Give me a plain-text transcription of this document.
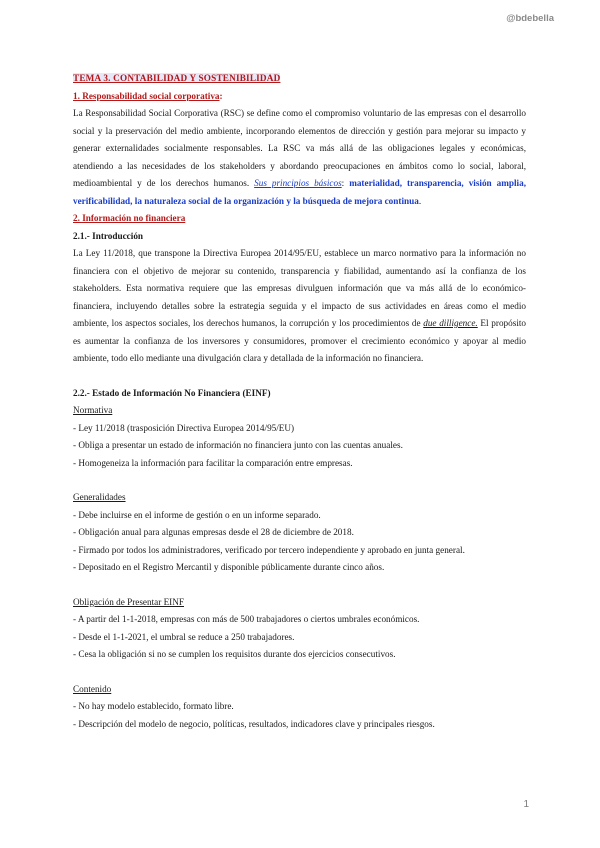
@bdebella
TEMA 3. CONTABILIDAD Y SOSTENIBILIDAD
1. Responsabilidad social corporativa:
La Responsabilidad Social Corporativa (RSC) se define como el compromiso voluntario de las empresas con el desarrollo social y la preservación del medio ambiente, incorporando elementos de dirección y gestión para mejorar su impacto y generar externalidades socialmente responsables. La RSC va más allá de las obligaciones legales y económicas, atendiendo a las necesidades de los stakeholders y abordando preocupaciones en ámbitos como lo social, laboral, medioambiental y de los derechos humanos. Sus principios básicos: materialidad, transparencia, visión amplia, verificabilidad, la naturaleza social de la organización y la búsqueda de mejora continua.
2. Información no financiera
2.1.- Introducción
La Ley 11/2018, que transpone la Directiva Europea 2014/95/EU, establece un marco normativo para la información no financiera con el objetivo de mejorar su contenido, transparencia y fiabilidad, aumentando así la confianza de los stakeholders. Esta normativa requiere que las empresas divulguen información que va más allá de lo económico-financiera, incluyendo detalles sobre la estrategia seguida y el impacto de sus actividades en áreas como el medio ambiente, los aspectos sociales, los derechos humanos, la corrupción y los procedimientos de due dilligence. El propósito es aumentar la confianza de los inversores y consumidores, promover el crecimiento económico y apoyar al medio ambiente, todo ello mediante una divulgación clara y detallada de la información no financiera.
2.2.- Estado de Información No Financiera (EINF)
Normativa
- Ley 11/2018 (trasposición Directiva Europea 2014/95/EU)
- Obliga a presentar un estado de información no financiera junto con las cuentas anuales.
- Homogeneiza la información para facilitar la comparación entre empresas.
Generalidades
- Debe incluirse en el informe de gestión o en un informe separado.
- Obligación anual para algunas empresas desde el 28 de diciembre de 2018.
- Firmado por todos los administradores, verificado por tercero independiente y aprobado en junta general.
- Depositado en el Registro Mercantil y disponible públicamente durante cinco años.
Obligación de Presentar EINF
- A partir del 1-1-2018, empresas con más de 500 trabajadores o ciertos umbrales económicos.
- Desde el 1-1-2021, el umbral se reduce a 250 trabajadores.
- Cesa la obligación si no se cumplen los requisitos durante dos ejercicios consecutivos.
Contenido
- No hay modelo establecido, formato libre.
- Descripción del modelo de negocio, políticas, resultados, indicadores clave y principales riesgos.
1
